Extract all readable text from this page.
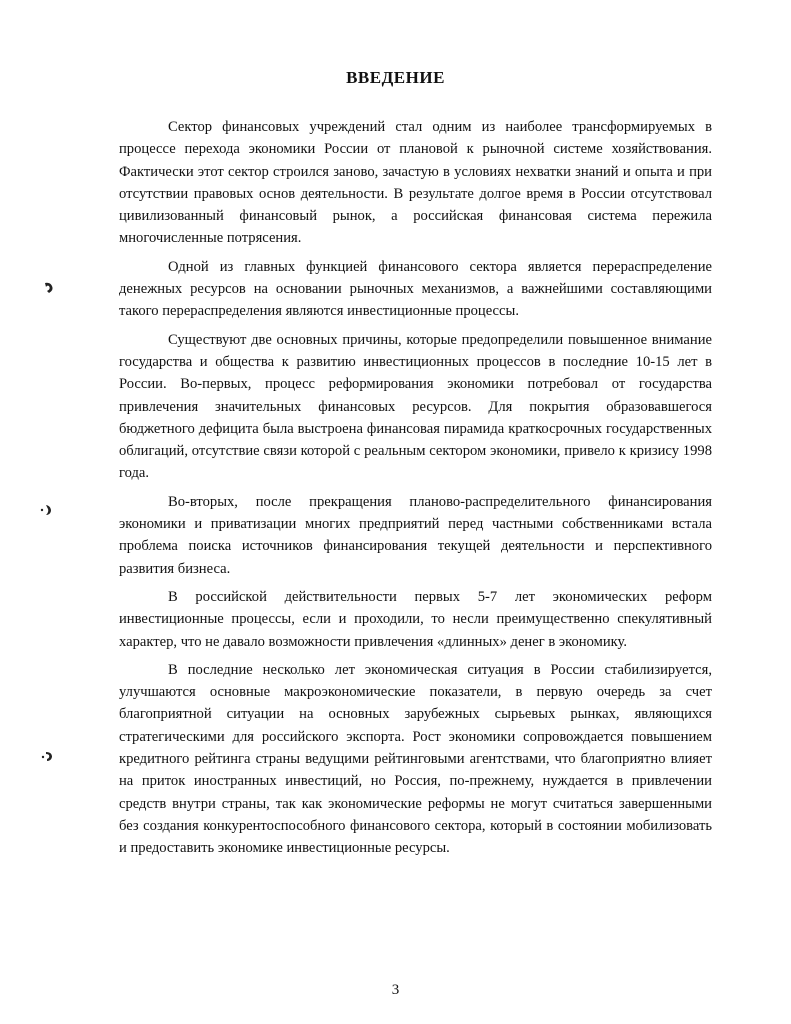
ВВЕДЕНИЕ

Сектор финансовых учреждений стал одним из наиболее трансформируемых в процессе перехода экономики России от плановой к рыночной системе хозяйствования. Фактически этот сектор строился заново, зачастую в условиях нехватки знаний и опыта и при отсутствии правовых основ деятельности. В результате долгое время в России отсутствовал цивилизованный финансовый рынок, а российская финансовая система пережила многочисленные потрясения.

Одной из главных функцией финансового сектора является перераспределение денежных ресурсов на основании рыночных механизмов, а важнейшими составляющими такого перераспределения являются инвестиционные процессы.

Существуют две основных причины, которые предопределили повышенное внимание государства и общества к развитию инвестиционных процессов в последние 10-15 лет в России. Во-первых, процесс реформирования экономики потребовал от государства привлечения значительных финансовых ресурсов. Для покрытия образовавшегося бюджетного дефицита была выстроена финансовая пирамида краткосрочных государственных облигаций, отсутствие связи которой с реальным сектором экономики, привело к кризису 1998 года.

Во-вторых, после прекращения планово-распределительного финансирования экономики и приватизации многих предприятий перед частными собственниками встала проблема поиска источников финансирования текущей деятельности и перспективного развития бизнеса.

В российской действительности первых 5-7 лет экономических реформ инвестиционные процессы, если и проходили, то несли преимущественно спекулятивный характер, что не давало возможности привлечения «длинных» денег в экономику.

В последние несколько лет экономическая ситуация в России стабилизируется, улучшаются основные макроэкономические показатели, в первую очередь за счет благоприятной ситуации на основных зарубежных сырьевых рынках, являющихся стратегическими для российского экспорта. Рост экономики сопровождается повышением кредитного рейтинга страны ведущими рейтинговыми агентствами, что благоприятно влияет на приток иностранных инвестиций, но Россия, по-прежнему, нуждается в привлечении средств внутри страны, так как экономические реформы не могут считаться завершенными без создания конкурентоспособного финансового сектора, который в состоянии мобилизовать и предоставить экономике инвестиционные ресурсы.

3
